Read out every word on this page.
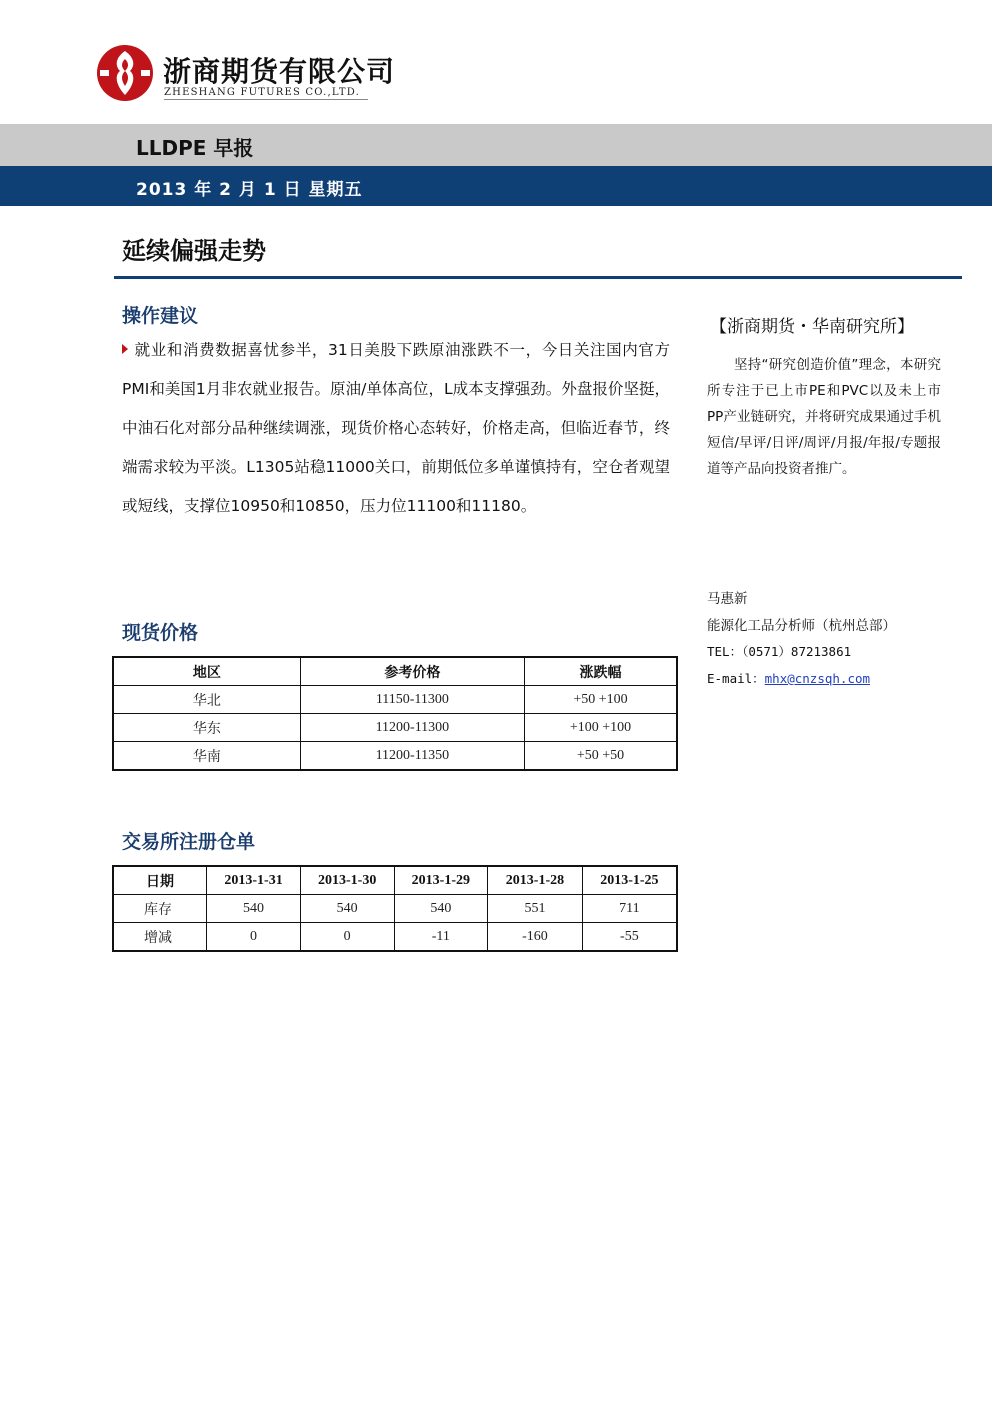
浙商期货有限公司
ZHESHANG FUTURES CO.,LTD.
LLDPE 早报
2013 年 2 月 1 日 星期五
延续偏强走势
操作建议
就业和消费数据喜忧参半，31日美股下跌原油涨跌不一，今日关注国内官方PMI和美国1月非农就业报告。原油/单体高位，L成本支撑强劲。外盘报价坚挺，中油石化对部分品种继续调涨，现货价格心态转好，价格走高，但临近春节，终端需求较为平淡。L1305站稳11000关口，前期低位多单谨慎持有，空仓者观望或短线，支撑位10950和10850，压力位11100和11180。
【浙商期货・华南研究所】
坚持“研究创造价值”理念，本研究所专注于已上市PE和PVC以及未上市PP产业链研究，并将研究成果通过手机短信/早评/日评/周评/月报/年报/专题报道等产品向投资者推广。
马惠新
能源化工品分析师（杭州总部）
TEL：（0571）87213861
E-mail：mhx@cnzsqh.com
现货价格
地区	参考价格	涨跌幅
华北	11150-11300	+50 +100
华东	11200-11300	+100 +100
华南	11200-11350	+50 +50
交易所注册仓单
日期	2013-1-31	2013-1-30	2013-1-29	2013-1-28	2013-1-25
库存	540	540	540	551	711
增减	0	0	-11	-160	-55
